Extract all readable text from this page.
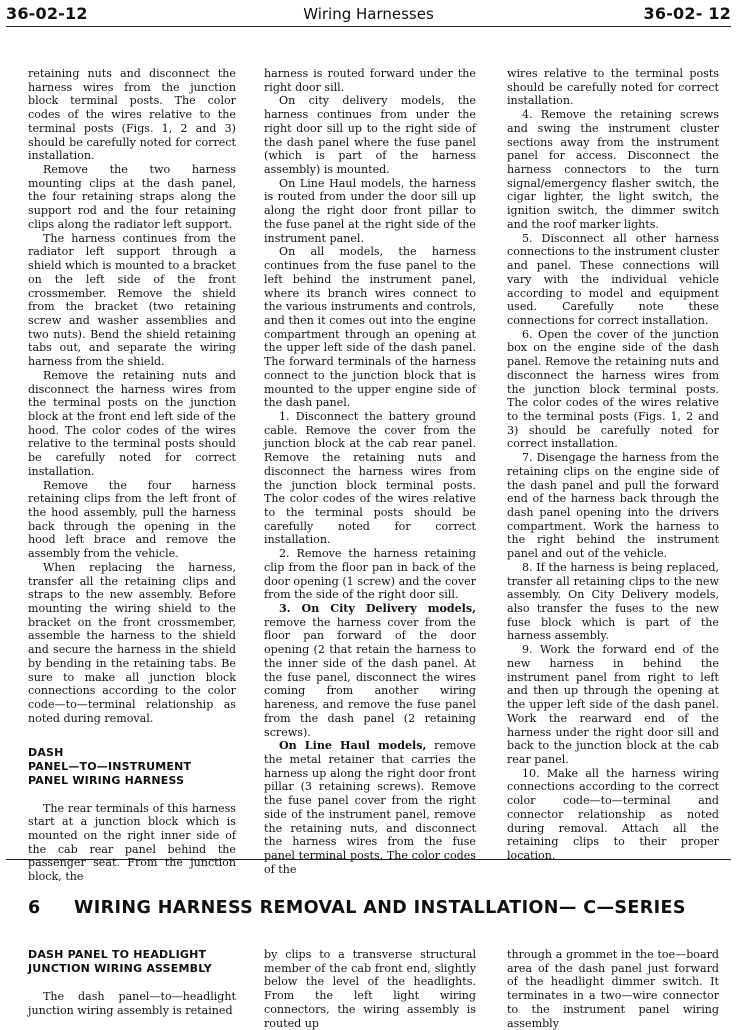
36-02-12	Wiring Harnesses	36-02- 12

retaining nuts and disconnect the harness wires from the junction block terminal posts. The color codes of the wires relative to the terminal posts (Figs. 1, 2 and 3) should be carefully noted for correct installation.

Remove the two harness mounting clips at the dash panel, the four retaining straps along the support rod and the four retaining clips along the radiator left support.

The harness continues from the radiator left support through a shield which is mounted to a bracket on the left side of the front crossmember. Remove the shield from the bracket (two retaining screw and washer assemblies and two nuts). Bend the shield retaining tabs out, and separate the wiring harness from the shield.

Remove the retaining nuts and disconnect the harness wires from the terminal posts on the junction block at the front end left side of the hood. The color codes of the wires relative to the terminal posts should be carefully noted for correct installation.

Remove the four harness retaining clips from the left front of the hood assembly, pull the harness back through the opening in the hood left brace and remove the assembly from the vehicle.

When replacing the harness, transfer all the retaining clips and straps to the new assembly. Before mounting the wiring shield to the bracket on the front crossmember, assemble the harness to the shield and secure the harness in the shield by bending in the retaining tabs. Be sure to make all junction block connections according to the color code—to—terminal relationship as noted during removal.

DASH
PANEL—TO—INSTRUMENT
PANEL WIRING HARNESS

The rear terminals of this harness start at a junction block which is mounted on the right inner side of the cab rear panel behind the passenger seat. From the junction block, the

harness is routed forward under the right door sill.

On city delivery models, the harness continues from under the right door sill up to the right side of the dash panel where the fuse panel (which is part of the harness assembly) is mounted.

On Line Haul models, the harness is routed from under the door sill up along the right door front pillar to the fuse panel at the right side of the instrument panel.

On all models, the harness continues from the fuse panel to the left behind the instrument panel, where its branch wires connect to the various instruments and controls, and then it comes out into the engine compartment through an opening at the upper left side of the dash panel. The forward terminals of the harness connect to the junction block that is mounted to the upper engine side of the dash panel.

1. Disconnect the battery ground cable. Remove the cover from the junction block at the cab rear panel. Remove the retaining nuts and disconnect the harness wires from the junction block terminal posts. The color codes of the wires relative to the terminal posts should be carefully noted for correct installation.

2. Remove the harness retaining clip from the floor pan in back of the door opening (1 screw) and the cover from the side of the right door sill.

3. On City Delivery models, remove the harness cover from the floor pan forward of the door opening (2 that retain the harness to the inner side of the dash panel. At the fuse panel, disconnect the wires coming from another wiring hareness, and remove the fuse panel from the dash panel (2 retaining screws).

On Line Haul models, remove the metal retainer that carries the harness up along the right door front pillar (3 retaining screws). Remove the fuse panel cover from the right side of the instrument panel, remove the retaining nuts, and disconnect the harness wires from the fuse panel terminal posts. The color codes of the

wires relative to the terminal posts should be carefully noted for correct installation.

4. Remove the retaining screws and swing the instrument cluster sections away from the instrument panel for access. Disconnect the harness connectors to the turn signal/emergency flasher switch, the cigar lighter, the light switch, the ignition switch, the dimmer switch and the roof marker lights.

5. Disconnect all other harness connections to the instrument cluster and panel. These connections will vary with the individual vehicle according to model and equipment used. Carefully note these connections for correct installation.

6. Open the cover of the junction box on the engine side of the dash panel. Remove the retaining nuts and disconnect the harness wires from the junction block terminal posts. The color codes of the wires relative to the terminal posts (Figs. 1, 2 and 3) should be carefully noted for correct installation.

7. Disengage the harness from the retaining clips on the engine side of the dash panel and pull the forward end of the harness back through the dash panel opening into the drivers compartment. Work the harness to the right behind the instrument panel and out of the vehicle.

8. If the harness is being replaced, transfer all retaining clips to the new assembly. On City Delivery models, also transfer the fuses to the new fuse block which is part of the harness assembly.

9. Work the forward end of the new harness in behind the instrument panel from right to left and then up through the opening at the upper left side of the dash panel. Work the rearward end of the harness under the right door sill and back to the junction block at the cab rear panel.

10. Make all the harness wiring connections according to the correct color code—to—terminal and connector relationship as noted during removal. Attach all the retaining clips to their proper location.

6 WIRING HARNESS REMOVAL AND INSTALLATION— C—SERIES
DASH PANEL TO HEADLIGHT
JUNCTION WIRING ASSEMBLY

The dash panel—to—headlight junction wiring assembly is retained

by clips to a transverse structural member of the cab front end, slightly below the level of the headlights. From the left light wiring connectors, the wiring assembly is routed up

through a grommet in the toe—board area of the dash panel just forward of the headlight dimmer switch. It terminates in a two—wire connector to the instrument panel wiring assembly
